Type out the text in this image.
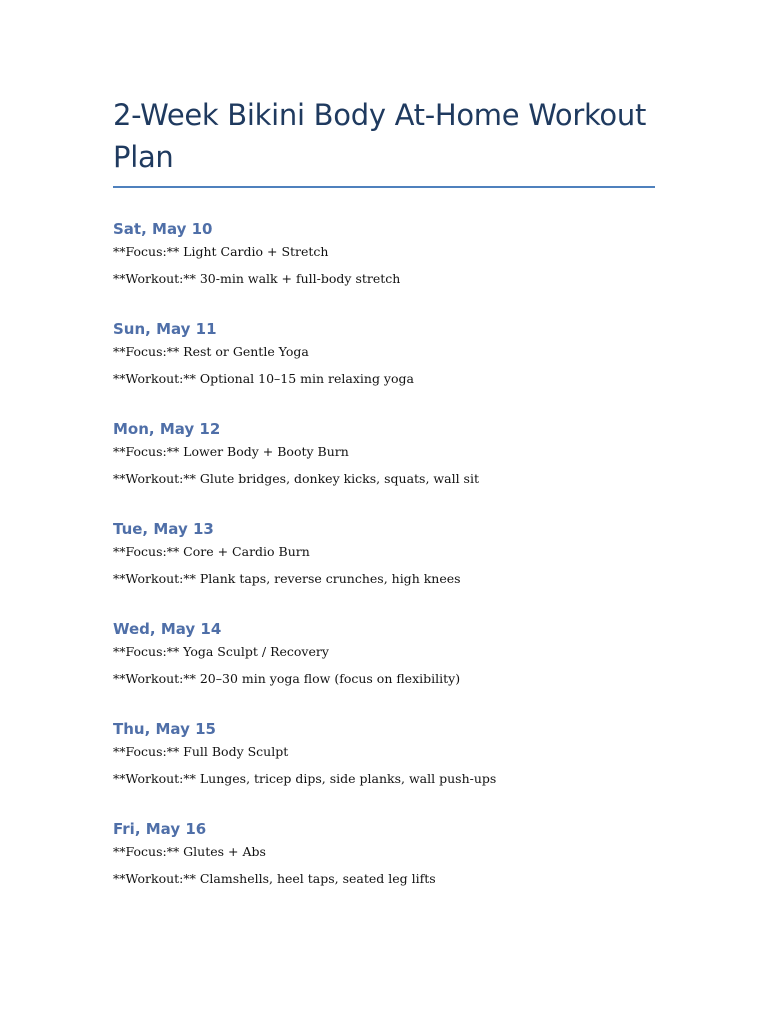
2-Week Bikini Body At-Home Workout Plan
Sat, May 10

**Focus:** Light Cardio + Stretch

**Workout:** 30-min walk + full-body stretch

Sun, May 11

**Focus:** Rest or Gentle Yoga

**Workout:** Optional 10–15 min relaxing yoga

Mon, May 12

**Focus:** Lower Body + Booty Burn

**Workout:** Glute bridges, donkey kicks, squats, wall sit

Tue, May 13

**Focus:** Core + Cardio Burn

**Workout:** Plank taps, reverse crunches, high knees

Wed, May 14

**Focus:** Yoga Sculpt / Recovery

**Workout:** 20–30 min yoga flow (focus on flexibility)

Thu, May 15

**Focus:** Full Body Sculpt

**Workout:** Lunges, tricep dips, side planks, wall push-ups

Fri, May 16

**Focus:** Glutes + Abs

**Workout:** Clamshells, heel taps, seated leg lifts
